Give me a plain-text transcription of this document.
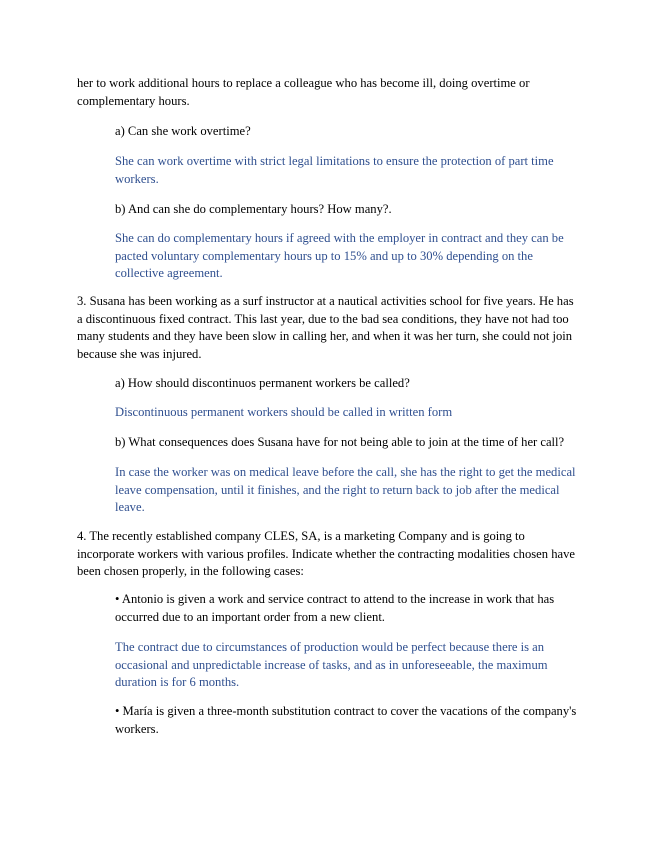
her to work additional hours to replace a colleague who has become ill, doing overtime or complementary hours.

a) Can she work overtime?

She can work overtime with strict legal limitations to ensure the protection of part time workers.

b) And can she do complementary hours? How many?.

She can do complementary hours if agreed with the employer in contract and they can be pacted voluntary complementary hours up to 15% and up to 30% depending on the collective agreement.

3. Susana has been working as a surf instructor at a nautical activities school for five years. He has a discontinuous fixed contract. This last year, due to the bad sea conditions, they have not had too many students and they have been slow in calling her, and when it was her turn, she could not join because she was injured.

a) How should discontinuos permanent workers be called?

Discontinuous permanent workers should be called in written form

b) What consequences does Susana have for not being able to join at the time of her call?

In case the worker was on medical leave before the call, she has the right to get the medical leave compensation, until it finishes, and the right to return back to job after the medical leave.

4. The recently established company CLES, SA, is a marketing Company and is going to incorporate workers with various profiles. Indicate whether the contracting modalities chosen have been chosen properly, in the following cases:

• Antonio is given a work and service contract to attend to the increase in work that has occurred due to an important order from a new client.

The contract due to circumstances of production would be perfect because there is an occasional and unpredictable increase of tasks, and as in unforeseeable, the maximum duration is for 6 months.

• María is given a three-month substitution contract to cover the vacations of the company's workers.
